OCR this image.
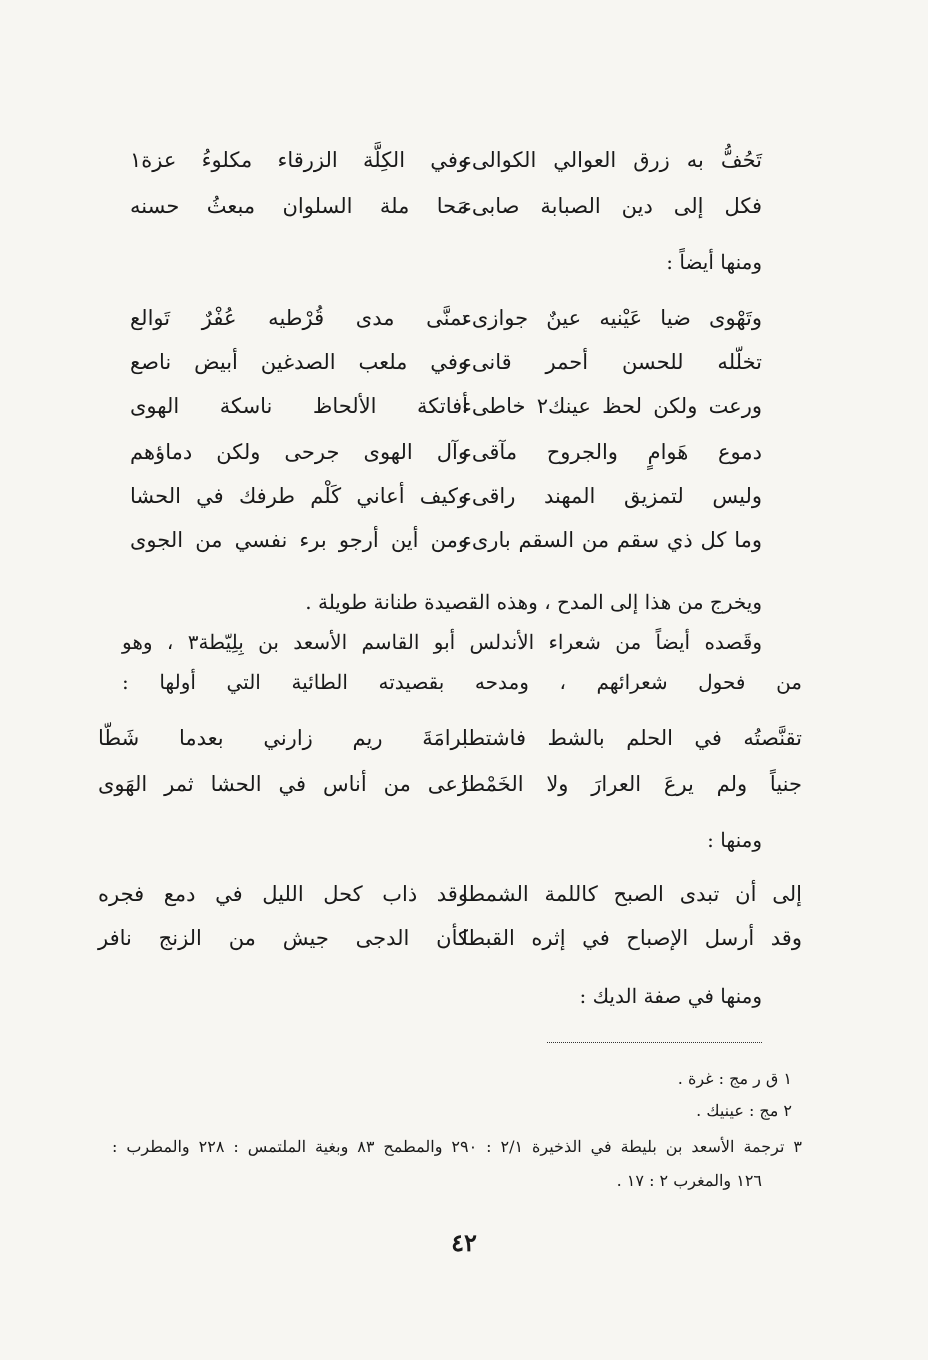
وفي الكِلَّة الزرقاء مكلوءُ عزة١
تَحُفُّ به زرق العوالي الكوالىء
مَحا ملة السلوان مبعثُ حسنه
فكل إلى دين الصبابة صابىء
ومنها أيضاً :
تمنَّى مدى قُرْطيه عُفْرٌ تَوالع
وتَهْوى ضيا عَيْنيه عينٌ جوازىء
وفي ملعب الصدغين أبيض ناصع
تخلّله للحسن أحمر قانىء
أفاتكة الألحاظ ناسكة الهوى
ورعت ولكن لحظ عينك٢ خاطىء
وآل الهوى جرحى ولكن دماؤهم
دموع هَوامٍ والجروح مآقىء
وكيف أعاني كَلْم طرفك في الحشا
وليس لتمزيق المهند راقىء
ومن أين أرجو برء نفسي من الجوى
وما كل ذي سقم من السقم بارىء
ويخرج من هذا إلى المدح ، وهذه القصيدة طنانة طويلة .
وقَصده أيضاً من شعراء الأندلس أبو القاسم الأسعد بن بِلِيّطة٣ ، وهو
من فحول شعرائهم ، ومدحه بقصيدته الطائية التي أولها :
برامَةَ ريم زارني بعدما شَطّا
تقنَّصتُه في الحلم بالشط فاشتطا
رَعى من أناس في الحشا ثمر الهَوى
جنياً ولم يرعَ العرارَ ولا الخَمْطا
ومنها :
وقد ذاب كحل الليل في دمع فجره
إلى أن تبدى الصبح كاللمة الشمطا
كأن الدجى جيش من الزنج نافر
وقد أرسل الإصباح في إثره القبطا
ومنها في صفة الديك :
١ ق ر مج : غرة .
٢ مج : عينيك .
٣ ترجمة الأسعد بن بليطة في الذخيرة ٢/١ : ٢٩٠ والمطمح ٨٣ وبغية الملتمس : ٢٢٨ والمطرب :
١٢٦ والمغرب ٢ : ١٧ .
٤٢
